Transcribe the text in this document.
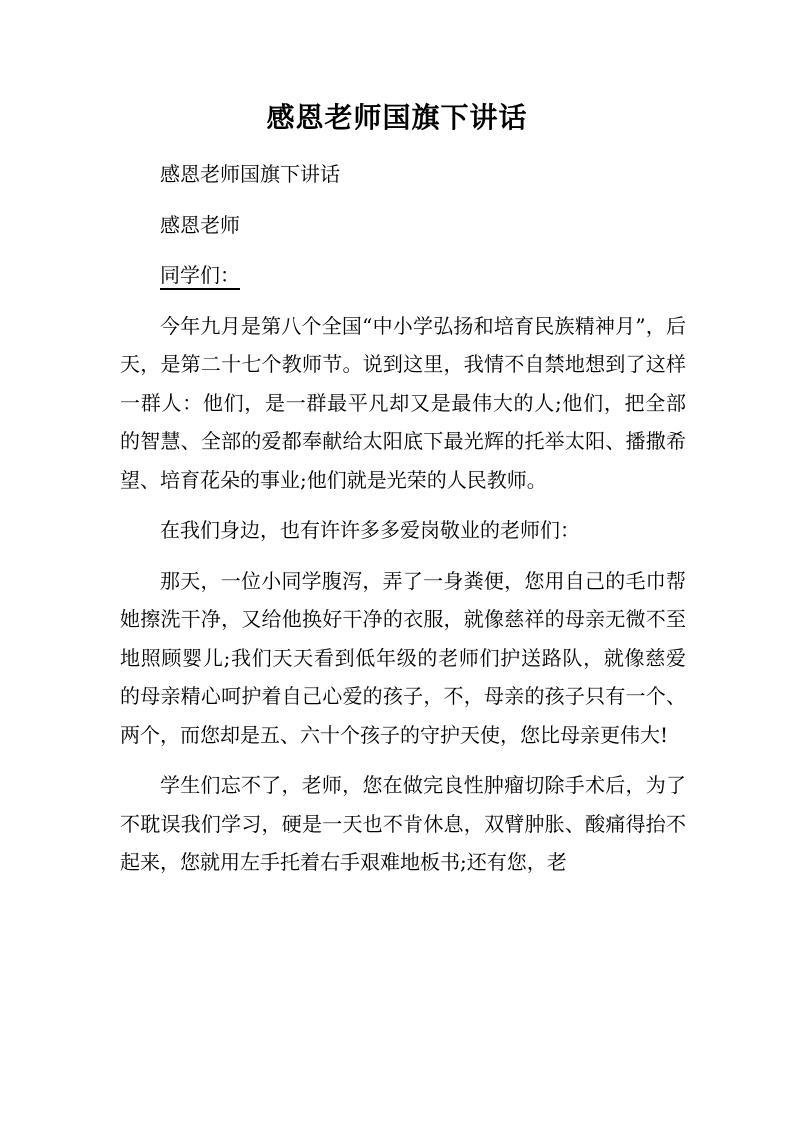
感恩老师国旗下讲话

感恩老师国旗下讲话

感恩老师

同学们：

今年九月是第八个全国“中小学弘扬和培育民族精神月”，后天，是第二十七个教师节。说到这里，我情不自禁地想到了这样一群人：他们，是一群最平凡却又是最伟大的人;他们，把全部的智慧、全部的爱都奉献给太阳底下最光辉的托举太阳、播撒希望、培育花朵的事业;他们就是光荣的人民教师。

在我们身边，也有许许多多爱岗敬业的老师们：

那天，一位小同学腹泻，弄了一身粪便，您用自己的毛巾帮她擦洗干净，又给他换好干净的衣服，就像慈祥的母亲无微不至地照顾婴儿;我们天天看到低年级的老师们护送路队，就像慈爱的母亲精心呵护着自己心爱的孩子，不，母亲的孩子只有一个、两个，而您却是五、六十个孩子的守护天使，您比母亲更伟大!

学生们忘不了，老师，您在做完良性肿瘤切除手术后，为了不耽误我们学习，硬是一天也不肯休息，双臂肿胀、酸痛得抬不起来，您就用左手托着右手艰难地板书;还有您，老
